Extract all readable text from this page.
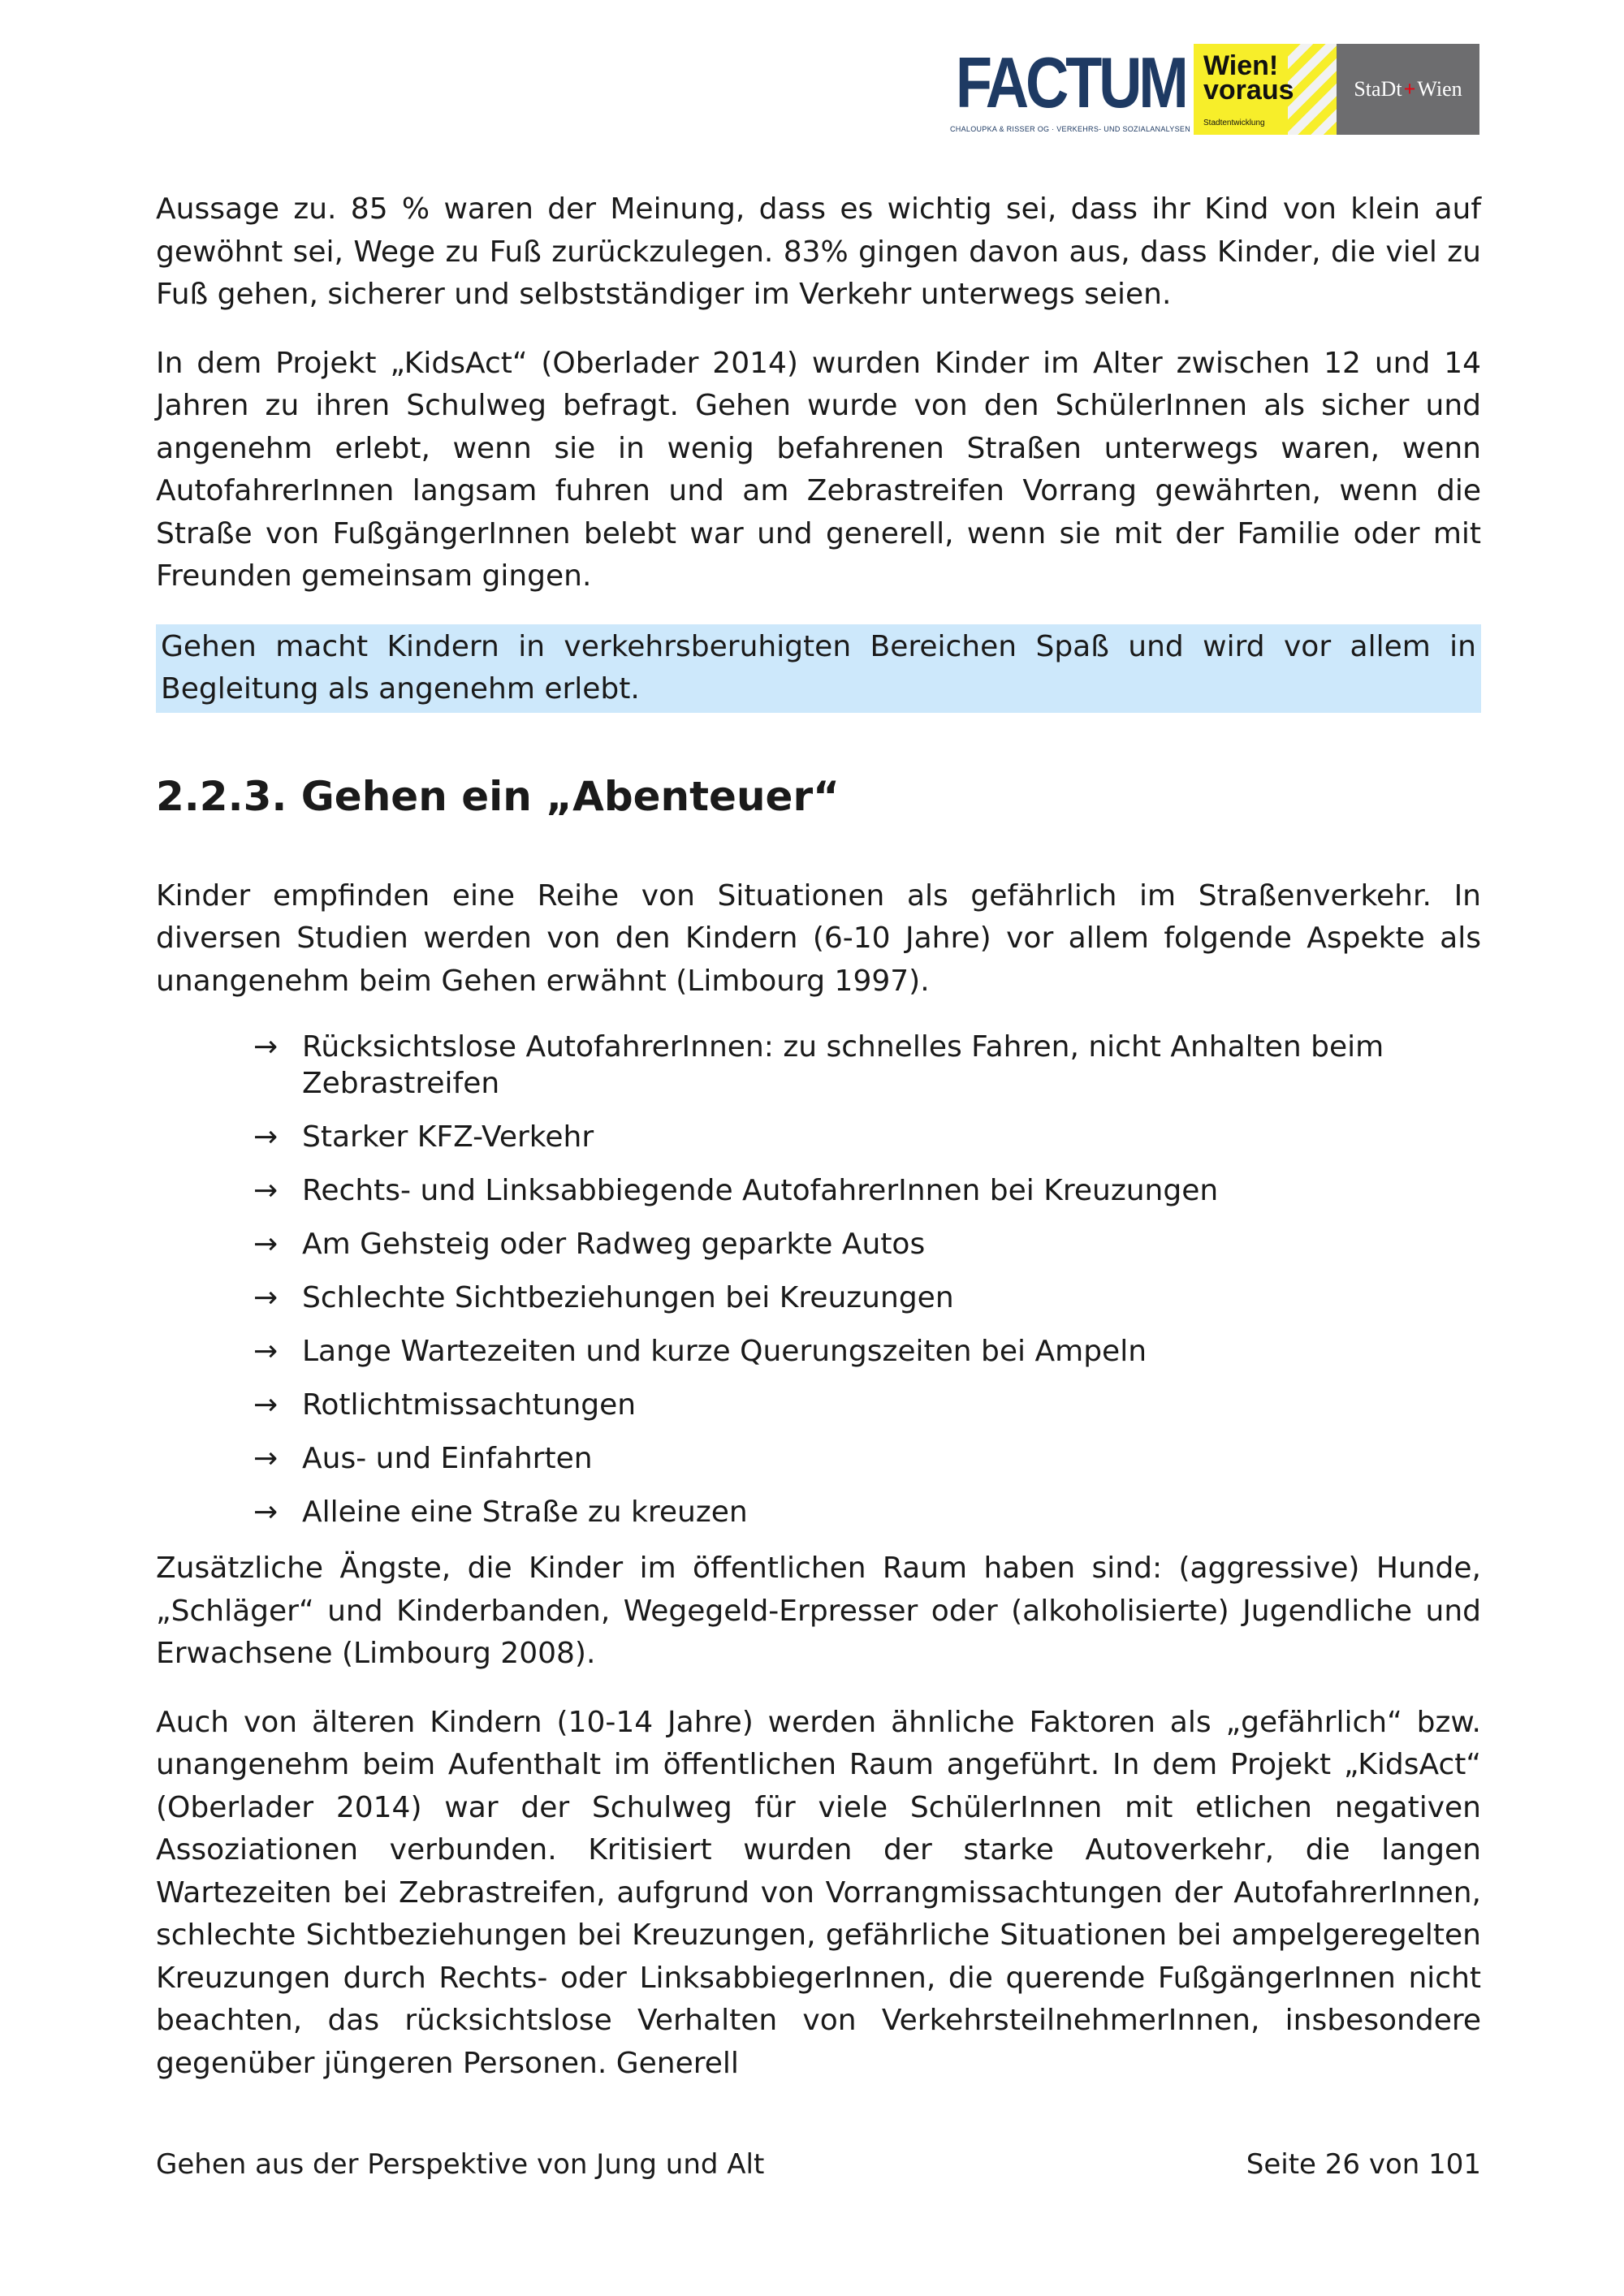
FACTUM
CHALOUPKA & RISSER OG · VERKEHRS- UND SOZIALANALYSEN
Wien!
voraus
Stadtentwicklung
StaDt + Wien

Aussage zu. 85 % waren der Meinung, dass es wichtig sei, dass ihr Kind von klein auf gewöhnt sei, Wege zu Fuß zurückzulegen. 83% gingen davon aus, dass Kinder, die viel zu Fuß gehen, sicherer und selbstständiger im Verkehr unterwegs seien.

In dem Projekt „KidsAct“ (Oberlader 2014) wurden Kinder im Alter zwischen 12 und 14 Jahren zu ihren Schulweg befragt. Gehen wurde von den SchülerInnen als sicher und angenehm erlebt, wenn sie in wenig befahrenen Straßen unterwegs waren, wenn AutofahrerInnen langsam fuhren und am Zebrastreifen Vorrang gewährten, wenn die Straße von FußgängerInnen belebt war und generell, wenn sie mit der Familie oder mit Freunden gemeinsam gingen.

Gehen macht Kindern in verkehrsberuhigten Bereichen Spaß und wird vor allem in Begleitung als angenehm erlebt.

2.2.3. Gehen ein „Abenteuer“

Kinder empfinden eine Reihe von Situationen als gefährlich im Straßenverkehr. In diversen Studien werden von den Kindern (6-10 Jahre) vor allem folgende Aspekte als unangenehm beim Gehen erwähnt (Limbourg 1997).

→ Rücksichtslose AutofahrerInnen: zu schnelles Fahren, nicht Anhalten beim Zebrastreifen
→ Starker KFZ-Verkehr
→ Rechts- und Linksabbiegende AutofahrerInnen bei Kreuzungen
→ Am Gehsteig oder Radweg geparkte Autos
→ Schlechte Sichtbeziehungen bei Kreuzungen
→ Lange Wartezeiten und kurze Querungszeiten bei Ampeln
→ Rotlichtmissachtungen
→ Aus- und Einfahrten
→ Alleine eine Straße zu kreuzen

Zusätzliche Ängste, die Kinder im öffentlichen Raum haben sind: (aggressive) Hunde, „Schläger“ und Kinderbanden, Wegegeld-Erpresser oder (alkoholisierte) Jugendliche und Erwachsene (Limbourg 2008).

Auch von älteren Kindern (10-14 Jahre) werden ähnliche Faktoren als „gefährlich“ bzw. unangenehm beim Aufenthalt im öffentlichen Raum angeführt. In dem Projekt „KidsAct“ (Oberlader 2014) war der Schulweg für viele SchülerInnen mit etlichen negativen Assoziationen verbunden. Kritisiert wurden der starke Autoverkehr, die langen Wartezeiten bei Zebrastreifen, aufgrund von Vorrangmissachtungen der AutofahrerInnen, schlechte Sichtbeziehungen bei Kreuzungen, gefährliche Situationen bei ampelgeregelten Kreuzungen durch Rechts- oder LinksabbiegerInnen, die querende FußgängerInnen nicht beachten, das rücksichtslose Verhalten von VerkehrsteilnehmerInnen, insbesondere gegenüber jüngeren Personen. Generell

Gehen aus der Perspektive von Jung und Alt	Seite 26 von 101
